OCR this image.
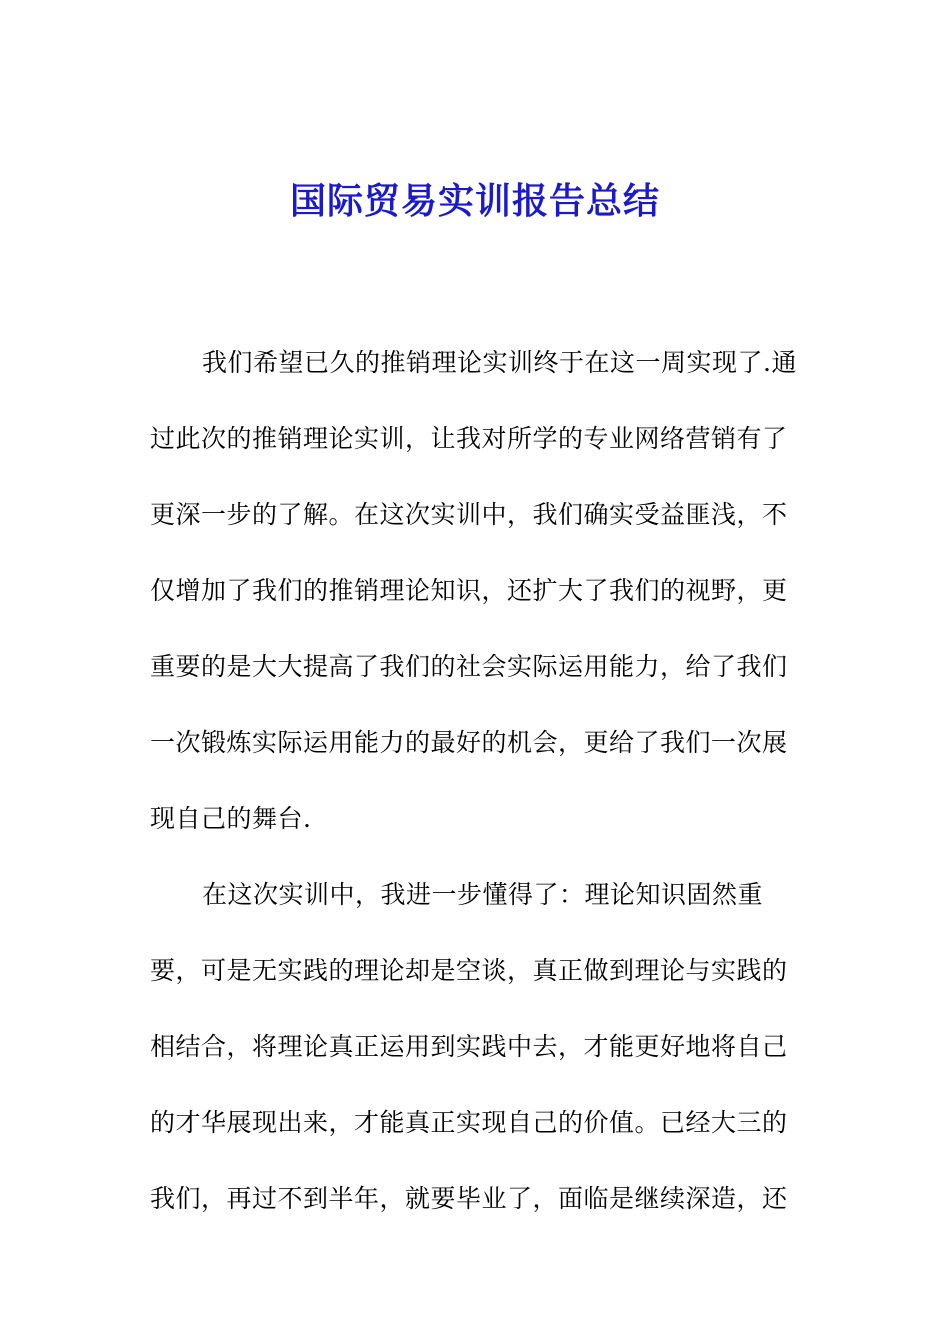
国际贸易实训报告总结
我们希望已久的推销理论实训终于在这一周实现了.通
过此次的推销理论实训，让我对所学的专业网络营销有了
更深一步的了解。在这次实训中，我们确实受益匪浅，不
仅增加了我们的推销理论知识，还扩大了我们的视野，更
重要的是大大提高了我们的社会实际运用能力，给了我们
一次锻炼实际运用能力的最好的机会，更给了我们一次展
现自己的舞台.
在这次实训中，我进一步懂得了：理论知识固然重
要，可是无实践的理论却是空谈，真正做到理论与实践的
相结合，将理论真正运用到实践中去，才能更好地将自己
的才华展现出来，才能真正实现自己的价值。已经大三的
我们，再过不到半年，就要毕业了，面临是继续深造，还
